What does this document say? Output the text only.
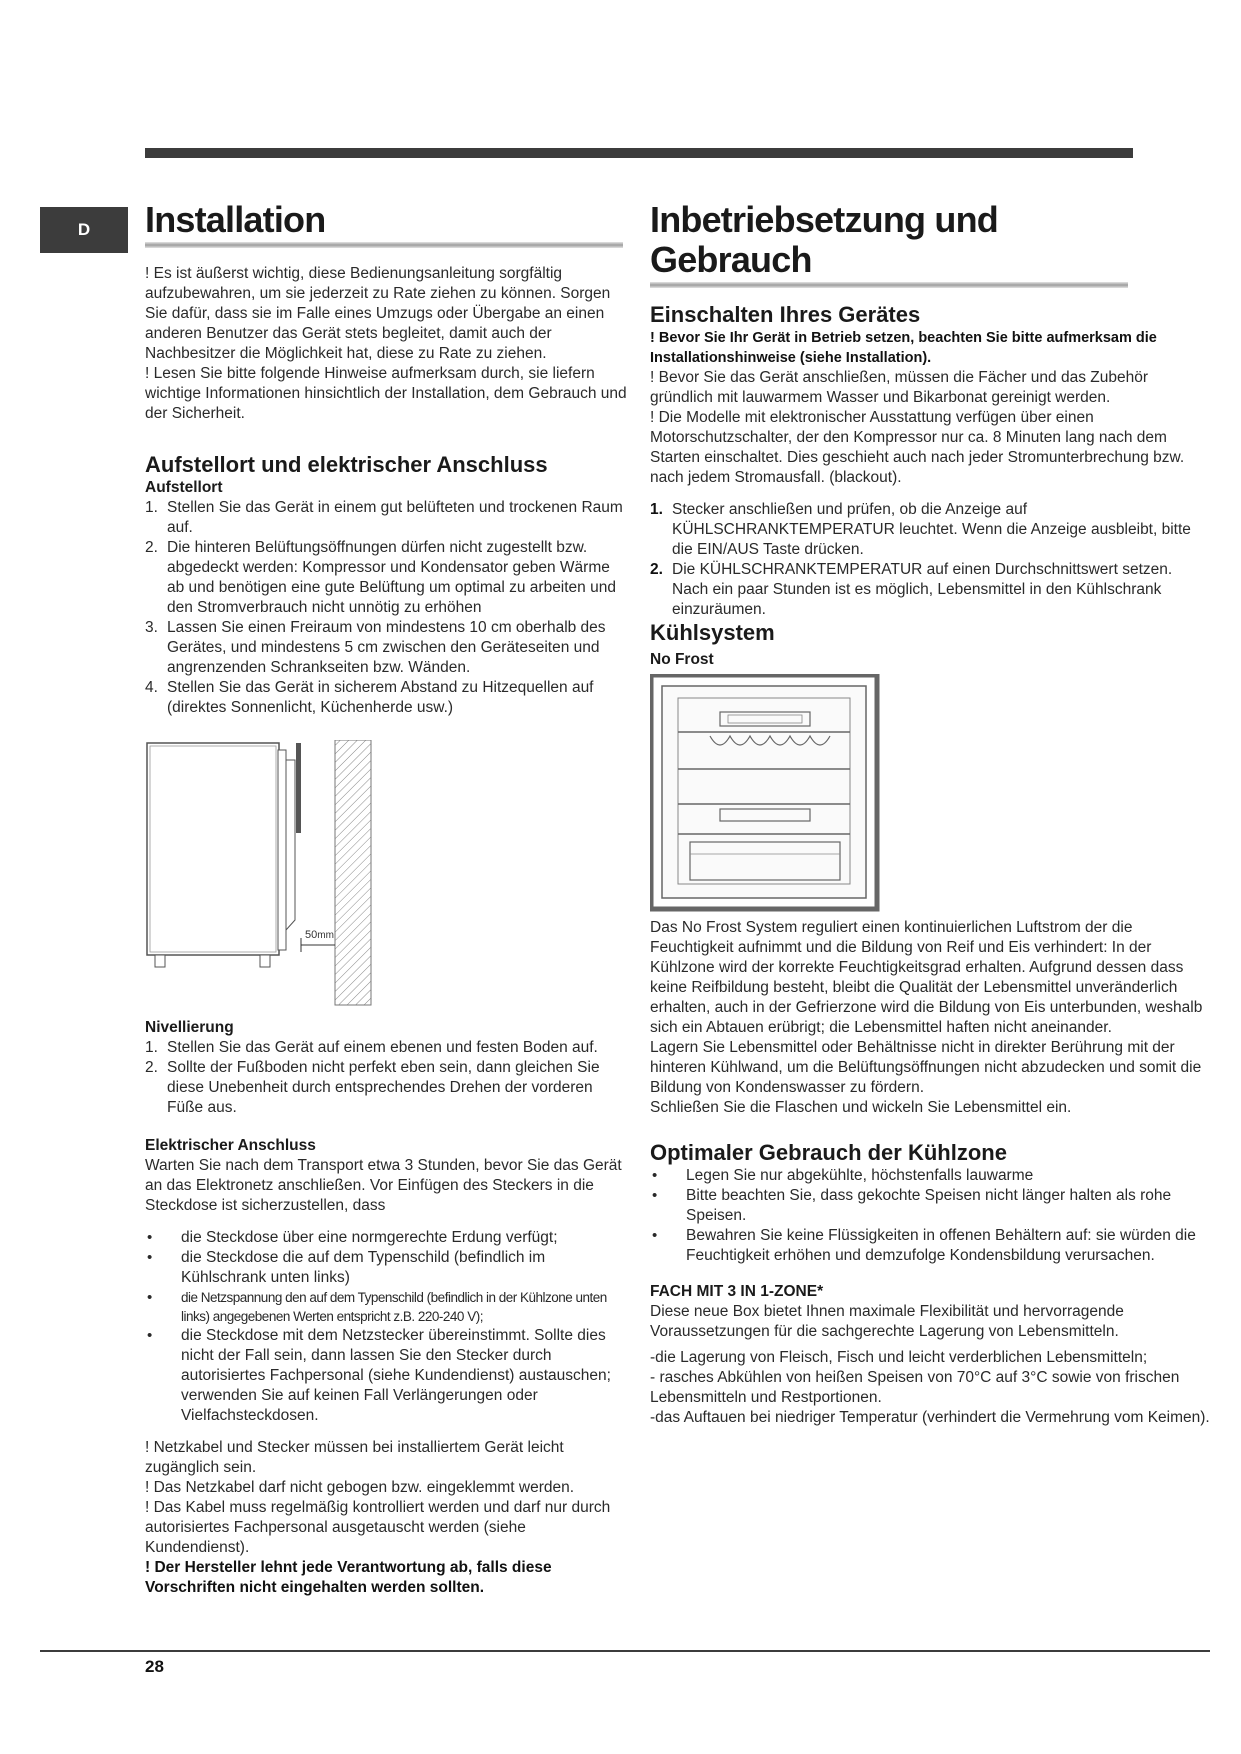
D Installation

! Es ist äußerst wichtig, diese Bedienungsanleitung sorgfältig aufzubewahren, um sie jederzeit zu Rate ziehen zu können. Sorgen Sie dafür, dass sie im Falle eines Umzugs oder Übergabe an einen anderen Benutzer das Gerät stets begleitet, damit auch der Nachbesitzer die Möglichkeit hat, diese zu Rate zu ziehen.

! Lesen Sie bitte folgende Hinweise aufmerksam durch, sie liefern wichtige Informationen hinsichtlich der Installation, dem Gebrauch und der Sicherheit.

Aufstellort und elektrischer Anschluss
Aufstellort
1. Stellen Sie das Gerät in einem gut belüfteten und trockenen Raum auf.
2. Die hinteren Belüftungsöffnungen dürfen nicht zugestellt bzw. abgedeckt werden: Kompressor und Kondensator geben Wärme ab und benötigen eine gute Belüftung um optimal zu arbeiten und den Stromverbrauch nicht unnötig zu erhöhen
3. Lassen Sie einen Freiraum von mindestens 10 cm oberhalb des Gerätes, und mindestens 5 cm zwischen den Geräteseiten und angrenzenden Schrankseiten bzw. Wänden.
4. Stellen Sie das Gerät in sicherem Abstand zu Hitzequellen auf (direktes Sonnenlicht, Küchenherde usw.)
50mm
Nivellierung
1. Stellen Sie das Gerät auf einem ebenen und festen Boden auf.
2. Sollte der Fußboden nicht perfekt eben sein, dann gleichen Sie diese Unebenheit durch entsprechendes Drehen der vorderen Füße aus.
Elektrischer Anschluss

Warten Sie nach dem Transport etwa 3 Stunden, bevor Sie das Gerät an das Elektronetz anschließen. Vor Einfügen des Steckers in die Steckdose ist sicherzustellen, dass

• die Steckdose über eine normgerechte Erdung verfügt;
• die Steckdose die auf dem Typenschild (befindlich im Kühlschrank unten links)
• die Netzspannung den auf dem Typenschild (befindlich in der Kühlzone unten links) angegebenen Werten entspricht z.B. 220-240 V);
• die Steckdose mit dem Netzstecker übereinstimmt. Sollte dies nicht der Fall sein, dann lassen Sie den Stecker durch autorisiertes Fachpersonal (siehe Kundendienst) austauschen; verwenden Sie auf keinen Fall Verlängerungen oder Vielfachsteckdosen.

! Netzkabel und Stecker müssen bei installiertem Gerät leicht zugänglich sein.

! Das Netzkabel darf nicht gebogen bzw. eingeklemmt werden.

! Das Kabel muss regelmäßig kontrolliert werden und darf nur durch autorisiertes Fachpersonal ausgetauscht werden (siehe Kundendienst).

! Der Hersteller lehnt jede Verantwortung ab, falls diese Vorschriften nicht eingehalten werden sollten.

Inbetriebsetzung und
Gebrauch
Einschalten Ihres Gerätes

! Bevor Sie Ihr Gerät in Betrieb setzen, beachten Sie bitte aufmerksam die Installationshinweise (siehe Installation).

! Bevor Sie das Gerät anschließen, müssen die Fächer und das Zubehör gründlich mit lauwarmem Wasser und Bikarbonat gereinigt werden.

! Die Modelle mit elektronischer Ausstattung verfügen über einen Motorschutzschalter, der den Kompressor nur ca. 8 Minuten lang nach dem Starten einschaltet. Dies geschieht auch nach jeder Stromunterbrechung bzw. nach jedem Stromausfall. (blackout).

1. Stecker anschließen und prüfen, ob die Anzeige auf KÜHLSCHRANKTEMPERATUR leuchtet. Wenn die Anzeige ausbleibt, bitte die EIN/AUS Taste drücken.
2. Die KÜHLSCHRANKTEMPERATUR auf einen Durchschnittswert setzen. Nach ein paar Stunden ist es möglich, Lebensmittel in den Kühlschrank einzuräumen.
Kühlsystem
No Frost

Das No Frost System reguliert einen kontinuierlichen Luftstrom der die Feuchtigkeit aufnimmt und die Bildung von Reif und Eis verhindert: In der Kühlzone wird der korrekte Feuchtigkeitsgrad erhalten. Aufgrund dessen dass keine Reifbildung besteht, bleibt die Qualität der Lebensmittel unveränderlich erhalten, auch in der Gefrierzone wird die Bildung von Eis unterbunden, weshalb sich ein Abtauen erübrigt; die Lebensmittel haften nicht aneinander.

Lagern Sie Lebensmittel oder Behältnisse nicht in direkter Berührung mit der hinteren Kühlwand, um die Belüftungsöffnungen nicht abzudecken und somit die Bildung von Kondenswasser zu fördern.

Schließen Sie die Flaschen und wickeln Sie Lebensmittel ein.

Optimaler Gebrauch der Kühlzone
• Legen Sie nur abgekühlte, höchstenfalls lauwarme
• Bitte beachten Sie, dass gekochte Speisen nicht länger halten als rohe Speisen.
• Bewahren Sie keine Flüssigkeiten in offenen Behältern auf: sie würden die Feuchtigkeit erhöhen und demzufolge Kondensbildung verursachen.
FACH MIT 3 IN 1-ZONE*

Diese neue Box bietet Ihnen maximale Flexibilität und hervorragende Voraussetzungen für die sachgerechte Lagerung von Lebensmitteln.

-die Lagerung von Fleisch, Fisch und leicht verderblichen Lebensmitteln;

- rasches Abkühlen von heißen Speisen von 70°C auf 3°C sowie von frischen Lebensmitteln und Restportionen.

-das Auftauen bei niedriger Temperatur (verhindert die Vermehrung vom Keimen).

28
